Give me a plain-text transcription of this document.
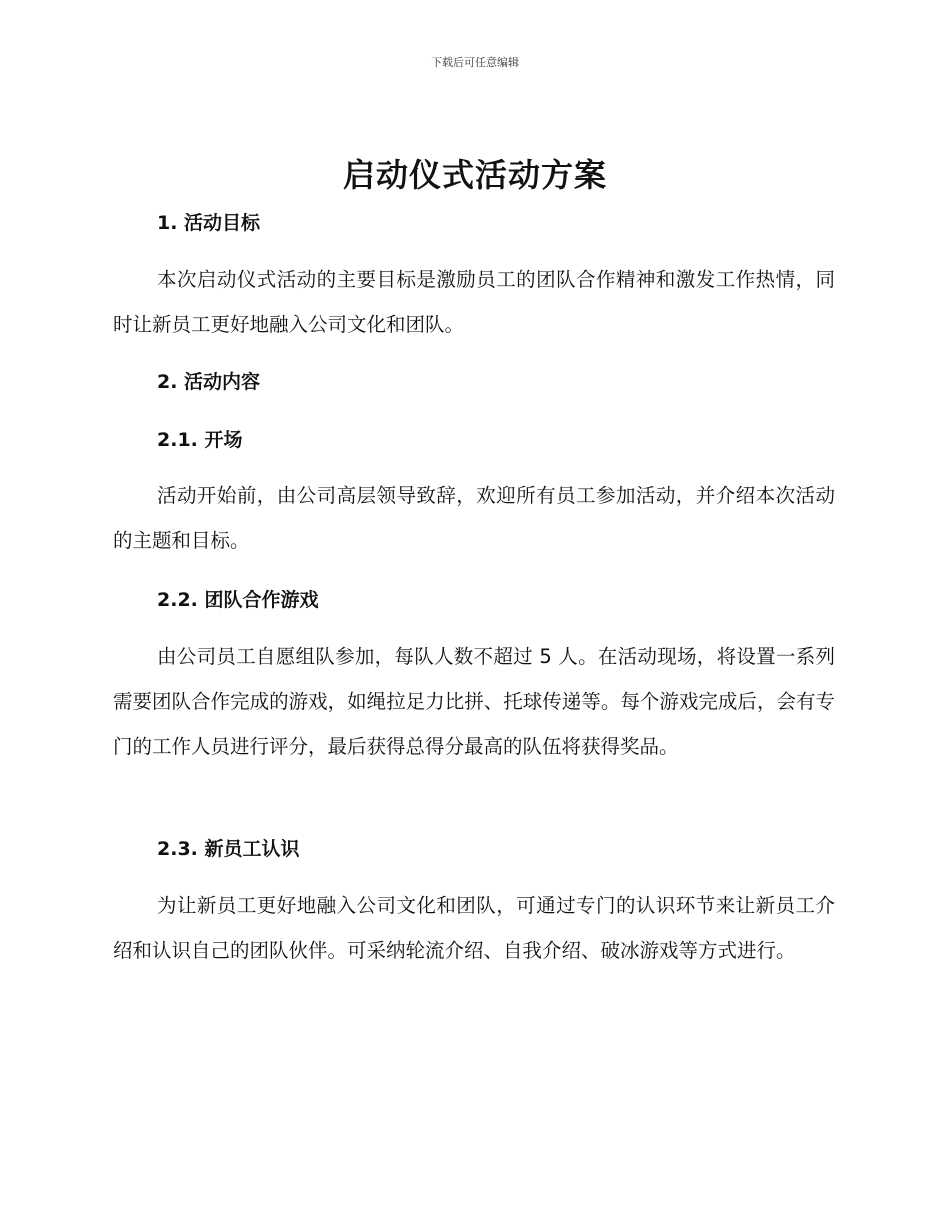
下载后可任意编辑
启动仪式活动方案
1. 活动目标

本次启动仪式活动的主要目标是激励员工的团队合作精神和激发工作热情，同时让新员工更好地融入公司文化和团队。

2. 活动内容
2.1. 开场

活动开始前，由公司高层领导致辞，欢迎所有员工参加活动，并介绍本次活动的主题和目标。

2.2. 团队合作游戏

由公司员工自愿组队参加，每队人数不超过 5 人。在活动现场，将设置一系列需要团队合作完成的游戏，如绳拉足力比拼、托球传递等。每个游戏完成后，会有专门的工作人员进行评分，最后获得总得分最高的队伍将获得奖品。

2.3. 新员工认识

为让新员工更好地融入公司文化和团队，可通过专门的认识环节来让新员工介绍和认识自己的团队伙伴。可采纳轮流介绍、自我介绍、破冰游戏等方式进行。
